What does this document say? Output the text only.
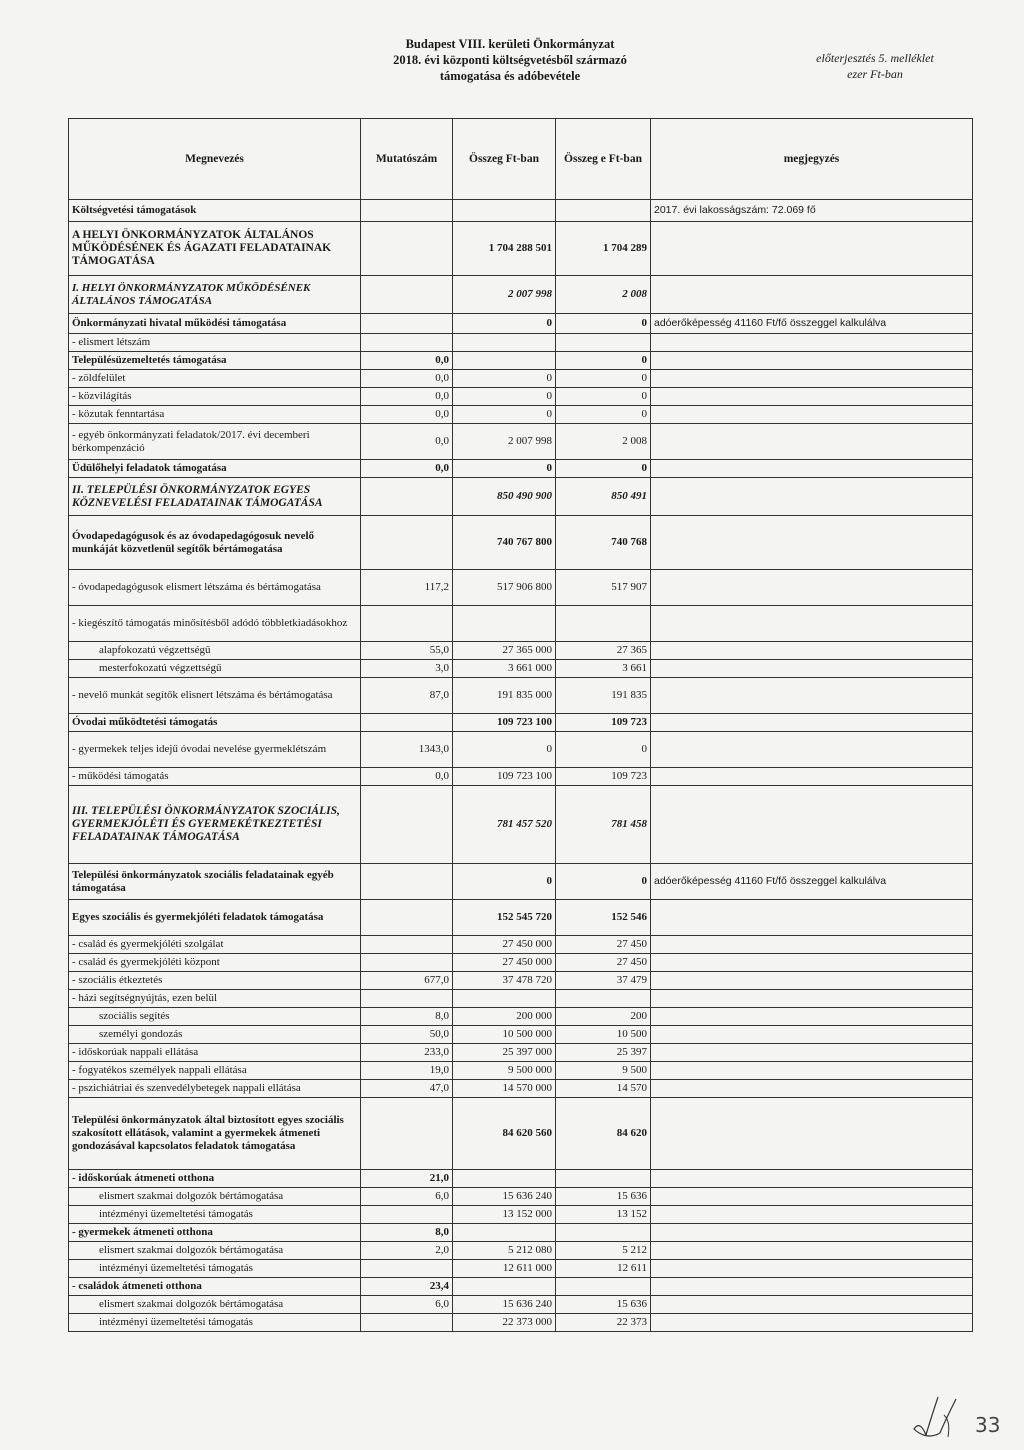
Budapest VIII. kerületi Önkormányzat
2018. évi központi költségvetésből származó
támogatása és adóbevétele
előterjesztés 5. melléklet
ezer Ft-ban
Megnevezés	Mutatószám	Összeg Ft-ban	Összeg e Ft-ban	megjegyzés
Költségvetési támogatások				2017. évi lakosságszám: 72.069 fő
A HELYI ÖNKORMÁNYZATOK ÁLTALÁNOS MŰKÖDÉSÉNEK ÉS ÁGAZATI FELADATAINAK TÁMOGATÁSA		1 704 288 501	1 704 289	
I. HELYI ÖNKORMÁNYZATOK MŰKÖDÉSÉNEK ÁLTALÁNOS TÁMOGATÁSA		2 007 998	2 008	
Önkormányzati hivatal működési támogatása		0	0	adóerőképesség 41160 Ft/fő összeggel kalkulálva
- elismert létszám				
Településüzemeltetés támogatása	0,0		0	
- zöldfelület	0,0	0	0	
- közvilágítás	0,0	0	0	
- közutak fenntartása	0,0	0	0	
- egyéb önkormányzati feladatok/2017. évi decemberi bérkompenzáció	0,0	2 007 998	2 008	
Üdülőhelyi feladatok támogatása	0,0	0	0	
II. TELEPÜLÉSI ÖNKORMÁNYZATOK EGYES KÖZNEVELÉSI FELADATAINAK TÁMOGATÁSA		850 490 900	850 491	
Óvodapedagógusok és az óvodapedagógosuk nevelő munkáját közvetlenül segítők bértámogatása		740 767 800	740 768	
- óvodapedagógusok elismert létszáma és bértámogatása	117,2	517 906 800	517 907	
- kiegészítő támogatás minősítésből adódó többletkiadásokhoz				
alapfokozatú végzettségű	55,0	27 365 000	27 365	
mesterfokozatú végzettségű	3,0	3 661 000	3 661	
- nevelő munkát segítők elisnert létszáma és bértámogatása	87,0	191 835 000	191 835	
Óvodai működtetési támogatás		109 723 100	109 723	
- gyermekek teljes idejű óvodai nevelése gyermeklétszám	1343,0	0	0	
- működési támogatás	0,0	109 723 100	109 723	
III. TELEPÜLÉSI ÖNKORMÁNYZATOK SZOCIÁLIS, GYERMEKJÓLÉTI ÉS GYERMEKÉTKEZTETÉSI FELADATAINAK TÁMOGATÁSA		781 457 520	781 458	
Települési önkormányzatok szociális feladatainak egyéb támogatása		0	0	adóerőképesség 41160 Ft/fő összeggel kalkulálva
Egyes szociális és gyermekjóléti feladatok támogatása		152 545 720	152 546	
- család és gyermekjóléti szolgálat		27 450 000	27 450	
- család és gyermekjóléti központ		27 450 000	27 450	
- szociális étkeztetés	677,0	37 478 720	37 479	
- házi segítségnyújtás, ezen belül				
szociális segítés	8,0	200 000	200	
személyi gondozás	50,0	10 500 000	10 500	
- időskorúak nappali ellátása	233,0	25 397 000	25 397	
- fogyatékos személyek nappali ellátása	19,0	9 500 000	9 500	
- pszichiátriai és szenvedélybetegek nappali ellátása	47,0	14 570 000	14 570	
Települési önkormányzatok által biztosított egyes szociális szakosított ellátások, valamint a gyermekek átmeneti gondozásával kapcsolatos feladatok támogatása		84 620 560	84 620	
- időskorúak átmeneti otthona	21,0			
elismert szakmai dolgozók bértámogatása	6,0	15 636 240	15 636	
intézményi üzemeltetési támogatás		13 152 000	13 152	
- gyermekek átmeneti otthona	8,0			
elismert szakmai dolgozók bértámogatása	2,0	5 212 080	5 212	
intézményi üzemeltetési támogatás		12 611 000	12 611	
- családok átmeneti otthona	23,4			
elismert szakmai dolgozók bértámogatása	6,0	15 636 240	15 636	
intézményi üzemeltetési támogatás		22 373 000	22 373	
33
